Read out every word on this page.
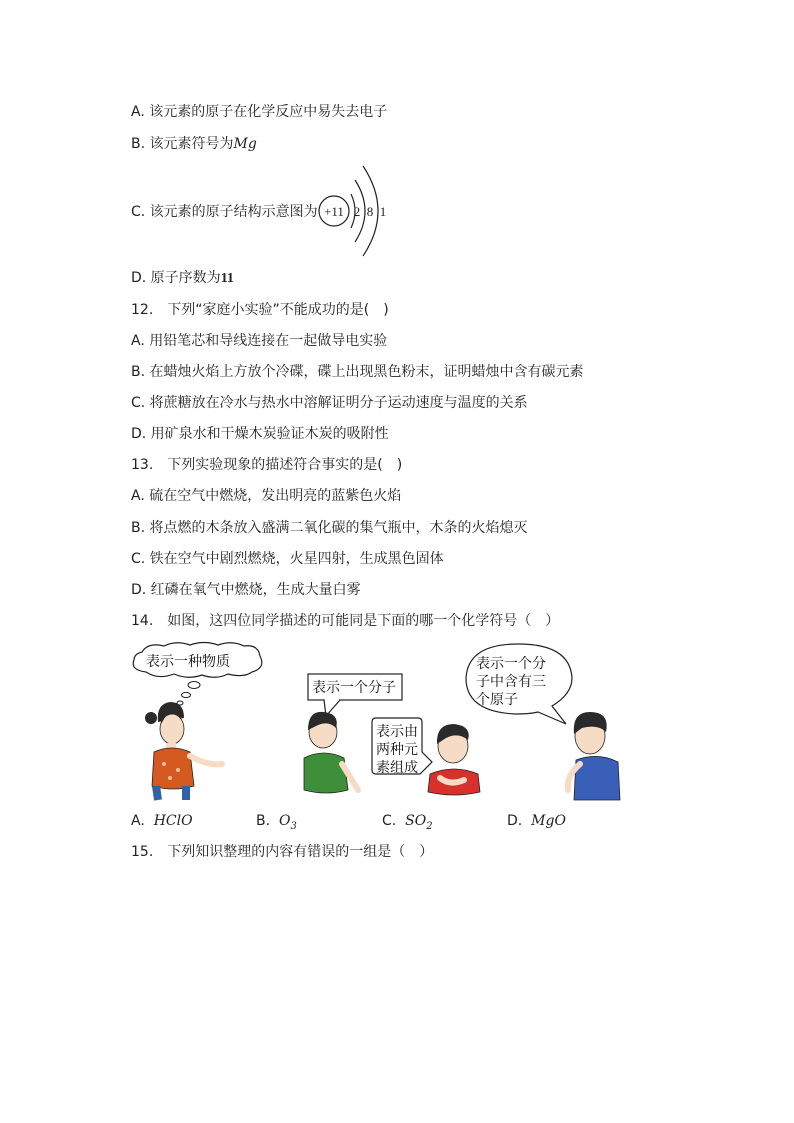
A. 该元素的原子在化学反应中易失去电子
B. 该元素符号为Mg
C. 该元素的原子结构示意图为 +11 2 8 1
D. 原子序数为11
12.　下列“家庭小实验”不能成功的是(　)
A. 用铅笔芯和导线连接在一起做导电实验
B. 在蜡烛火焰上方放个冷碟，碟上出现黑色粉末，证明蜡烛中含有碳元素
C. 将蔗糖放在冷水与热水中溶解证明分子运动速度与温度的关系
D. 用矿泉水和干燥木炭验证木炭的吸附性
13.　下列实验现象的描述符合事实的是(　)
A. 硫在空气中燃烧，发出明亮的蓝紫色火焰
B. 将点燃的木条放入盛满二氧化碳的集气瓶中，木条的火焰熄灭
C. 铁在空气中剧烈燃烧，火星四射，生成黑色固体
D. 红磷在氧气中燃烧，生成大量白雾
14.　如图，这四位同学描述的可能同是下面的哪一个化学符号（　）
表示一种物质
表示一个分子
表示由
两种元
素组成
表示一个分
子中含有三
个原子
A. HClO	B. $O_3$	C. $SO_2$	D. MgO
15.　下列知识整理的内容有错误的一组是（　）
